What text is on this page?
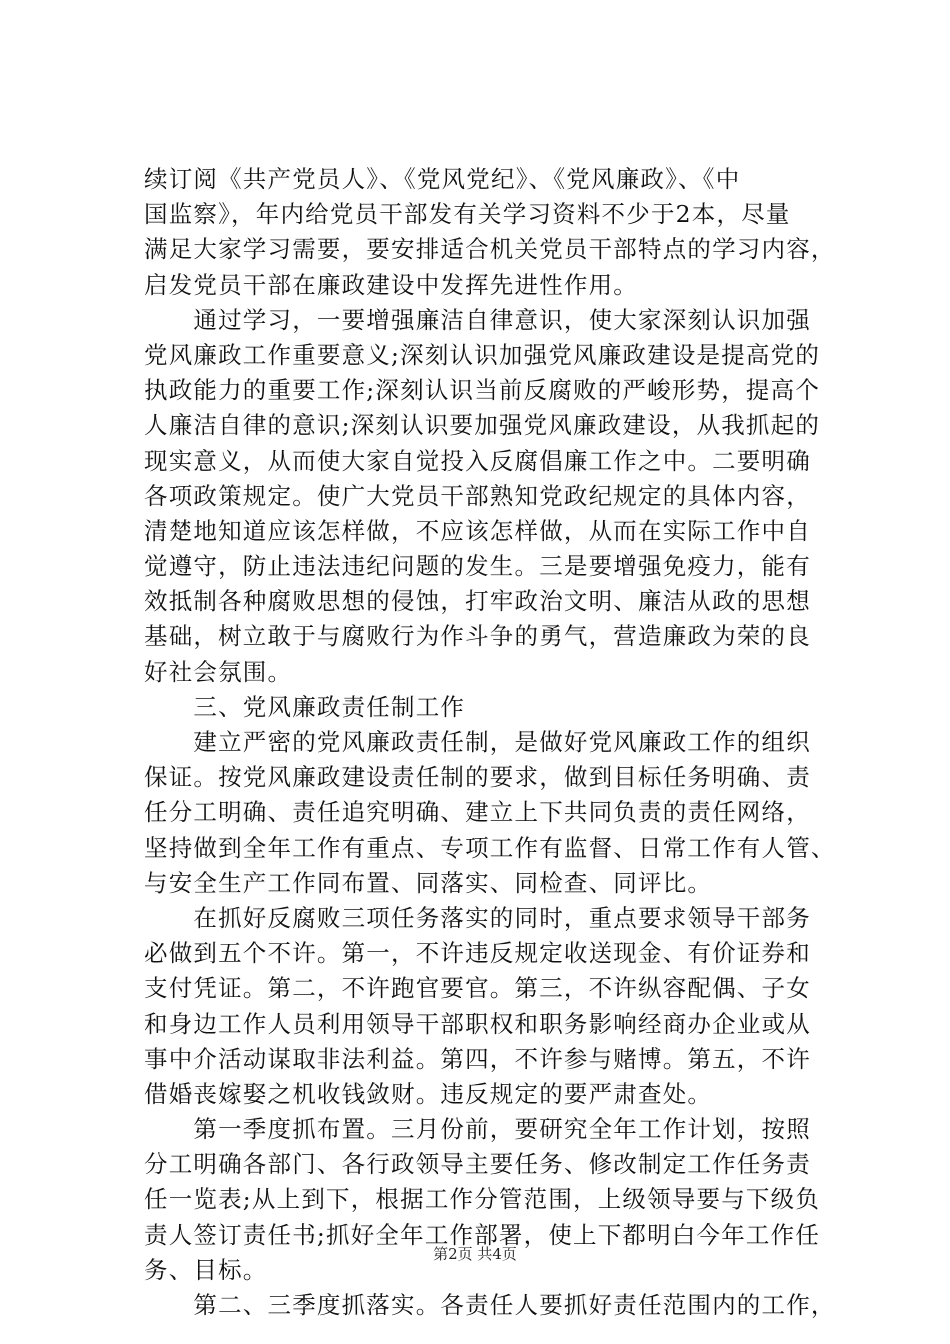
续订阅《共产党员人》、《党风党纪》、《党风廉政》、《中
国监察》，年内给党员干部发有关学习资料不少于2本，尽量
满足大家学习需要，要安排适合机关党员干部特点的学习内容，
启发党员干部在廉政建设中发挥先进性作用。
　　通过学习，一要增强廉洁自律意识，使大家深刻认识加强
党风廉政工作重要意义;深刻认识加强党风廉政建设是提高党的
执政能力的重要工作;深刻认识当前反腐败的严峻形势，提高个
人廉洁自律的意识;深刻认识要加强党风廉政建设，从我抓起的
现实意义，从而使大家自觉投入反腐倡廉工作之中。二要明确
各项政策规定。使广大党员干部熟知党政纪规定的具体内容，
清楚地知道应该怎样做，不应该怎样做，从而在实际工作中自
觉遵守，防止违法违纪问题的发生。三是要增强免疫力，能有
效抵制各种腐败思想的侵蚀，打牢政治文明、廉洁从政的思想
基础，树立敢于与腐败行为作斗争的勇气，营造廉政为荣的良
好社会氛围。
　　三、党风廉政责任制工作
　　建立严密的党风廉政责任制，是做好党风廉政工作的组织
保证。按党风廉政建设责任制的要求，做到目标任务明确、责
任分工明确、责任追究明确、建立上下共同负责的责任网络，
坚持做到全年工作有重点、专项工作有监督、日常工作有人管、
与安全生产工作同布置、同落实、同检查、同评比。
　　在抓好反腐败三项任务落实的同时，重点要求领导干部务
必做到五个不许。第一，不许违反规定收送现金、有价证券和
支付凭证。第二，不许跑官要官。第三，不许纵容配偶、子女
和身边工作人员利用领导干部职权和职务影响经商办企业或从
事中介活动谋取非法利益。第四，不许参与赌博。第五，不许
借婚丧嫁娶之机收钱敛财。违反规定的要严肃查处。
　　第一季度抓布置。三月份前，要研究全年工作计划，按照
分工明确各部门、各行政领导主要任务、修改制定工作任务责
任一览表;从上到下，根据工作分管范围，上级领导要与下级负
责人签订责任书;抓好全年工作部署，使上下都明白今年工作任
务、目标。
　　第二、三季度抓落实。各责任人要抓好责任范围内的工作，
第2页 共4页
